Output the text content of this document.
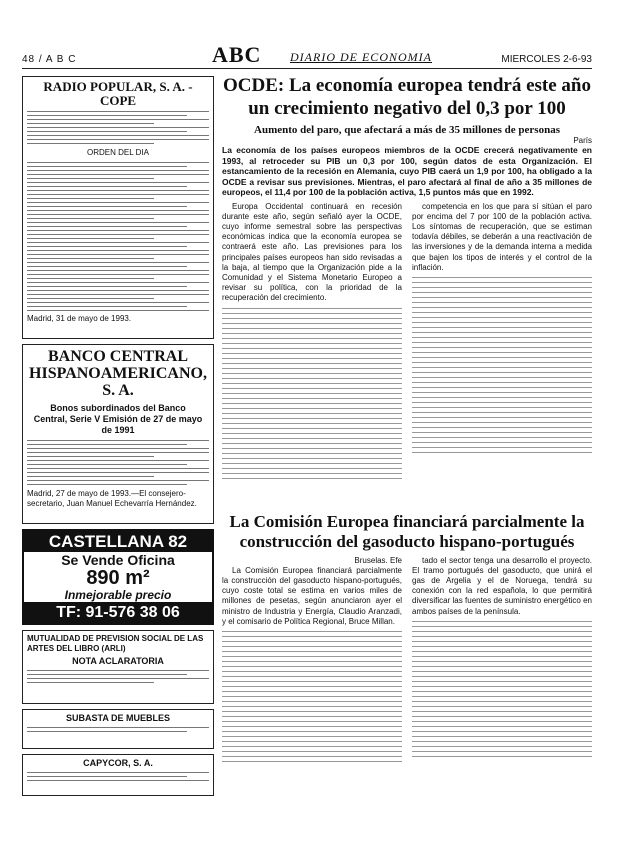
48 / A B C	ABC DIARIO DE ECONOMIA	MIERCOLES 2-6-93
RADIO POPULAR, S. A. - COPE
ORDEN DEL DIA
Madrid, 31 de mayo de 1993.
BANCO CENTRAL HISPANOAMERICANO, S. A.
Bonos subordinados del Banco Central, Serie V Emisión de 27 de mayo de 1991
Madrid, 27 de mayo de 1993.—El consejero-secretario, Juan Manuel Echevarría Hernández.
CASTELLANA 82
Se Vende Oficina
890 m²
Inmejorable precio
TF: 91-576 38 06
MUTUALIDAD DE PREVISION SOCIAL DE LAS ARTES DEL LIBRO (ARLI)
NOTA ACLARATORIA
SUBASTA DE MUEBLES
CAPYCOR, S. A.
OCDE: La economía europea tendrá este año un crecimiento negativo del 0,3 por 100
Aumento del paro, que afectará a más de 35 millones de personas
París
La economía de los países europeos miembros de la OCDE crecerá negativamente en 1993, al retroceder su PIB un 0,3 por 100, según datos de esta Organización. El estancamiento de la recesión en Alemania, cuyo PIB caerá un 1,9 por 100, ha obligado a la OCDE a revisar sus previsiones. Mientras, el paro afectará al final de año a 35 millones de europeos, el 11,4 por 100 de la población activa, 1,5 puntos más que en 1992.

Europa Occidental continuará en recesión durante este año, según señaló ayer la OCDE, cuyo informe semestral sobre las perspectivas económicas indica que la economía europea se contraerá este año. Las previsiones para los principales países europeos han sido revisadas a la baja, al tiempo que la Organización pide a la Comunidad y el Sistema Monetario Europeo a revisar su política, con la prioridad de la recuperación del crecimiento.

competencia en los que para sí sitúan el paro por encima del 7 por 100 de la población activa. Los síntomas de recuperación, que se estiman todavía débiles, se deberán a una reactivación de las inversiones y de la demanda interna a medida que bajen los tipos de interés y el control de la inflación.

La Comisión Europea financiará parcialmente la construcción del gasoducto hispano-portugués
Bruselas. Efe

La Comisión Europea financiará parcialmente la construcción del gasoducto hispano-portugués, cuyo coste total se estima en varios miles de millones de pesetas, según anunciaron ayer el ministro de Industria y Energía, Claudio Aranzadi, y el comisario de Política Regional, Bruce Millan.

tado el sector tenga una desarrollo el proyecto. El tramo portugués del gasoducto, que unirá el gas de Argelia y el de Noruega, tendrá su conexión con la red española, lo que permitirá diversificar las fuentes de suministro energético en ambos países de la península.
